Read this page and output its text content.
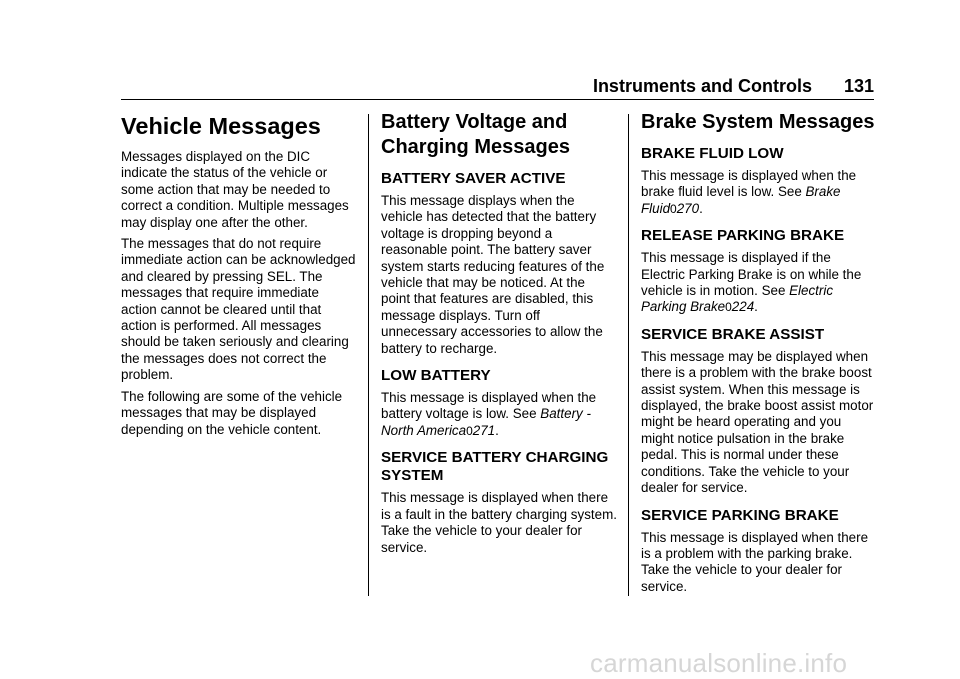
Instruments and Controls 131
Vehicle Messages

Messages displayed on the DIC indicate the status of the vehicle or some action that may be needed to correct a condition. Multiple messages may display one after the other.

The messages that do not require immediate action can be acknowledged and cleared by pressing SEL. The messages that require immediate action cannot be cleared until that action is performed. All messages should be taken seriously and clearing the messages does not correct the problem.

The following are some of the vehicle messages that may be displayed depending on the vehicle content.

Battery Voltage and Charging Messages
BATTERY SAVER ACTIVE

This message displays when the vehicle has detected that the battery voltage is dropping beyond a reasonable point. The battery saver system starts reducing features of the vehicle that may be noticed. At the point that features are disabled, this message displays. Turn off unnecessary accessories to allow the battery to recharge.

LOW BATTERY

This message is displayed when the battery voltage is low. See Battery - North America0271.

SERVICE BATTERY CHARGING SYSTEM

This message is displayed when there is a fault in the battery charging system. Take the vehicle to your dealer for service.

Brake System Messages
BRAKE FLUID LOW

This message is displayed when the brake fluid level is low. See Brake Fluid0270.

RELEASE PARKING BRAKE

This message is displayed if the Electric Parking Brake is on while the vehicle is in motion. See Electric Parking Brake0224.

SERVICE BRAKE ASSIST

This message may be displayed when there is a problem with the brake boost assist system. When this message is displayed, the brake boost assist motor might be heard operating and you might notice pulsation in the brake pedal. This is normal under these conditions. Take the vehicle to your dealer for service.

SERVICE PARKING BRAKE

This message is displayed when there is a problem with the parking brake. Take the vehicle to your dealer for service.

carmanualsonline.info
